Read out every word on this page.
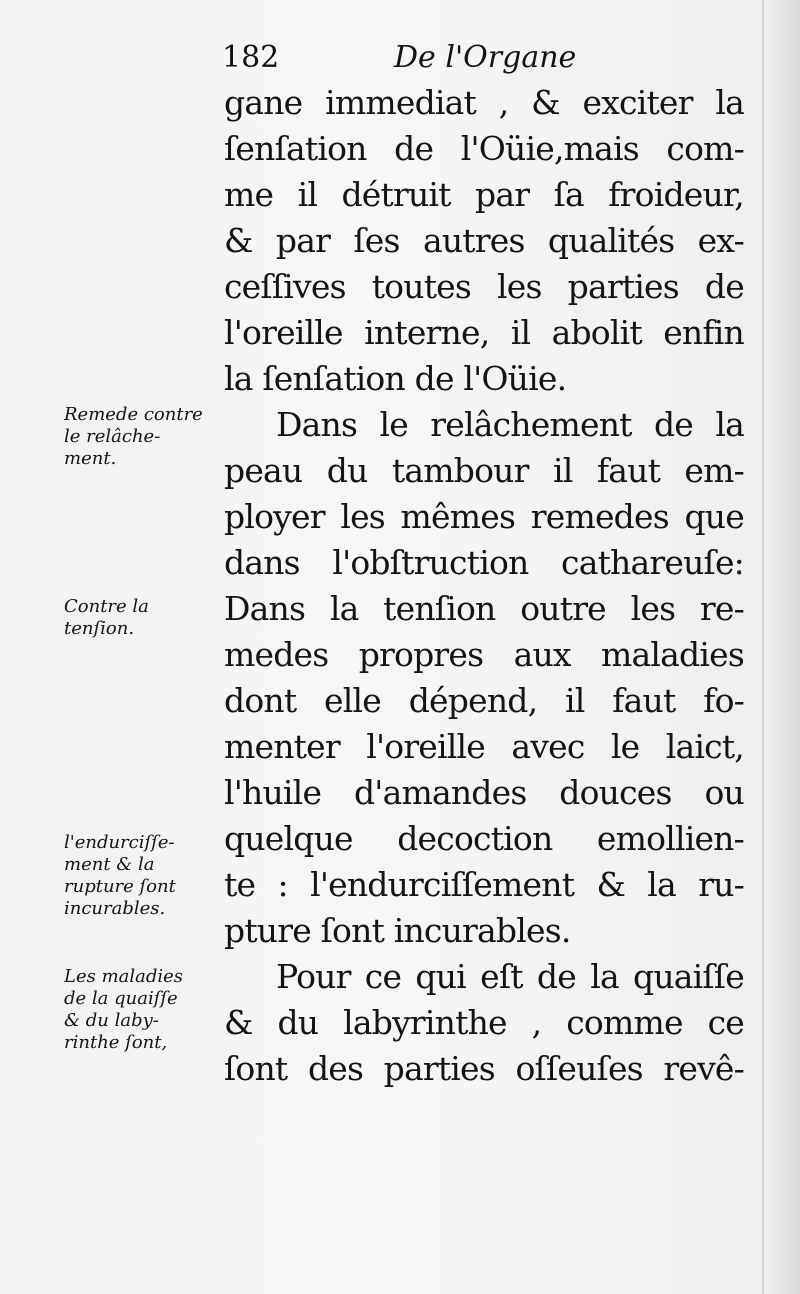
182	De l'Organe
Remede contre
le relâche-
ment.
Contre la
tenſion.
l'endurciſſe-
ment & la
rupture ſont
incurables.
Les maladies
de la quaiſſe
& du laby-
rinthe ſont,
gane immediat , & exciter la
ſenſation de l'Oüie,mais com-
me il détruit par ſa froideur,
& par ſes autres qualités ex-
ceſſives toutes les parties de
l'oreille interne, il abolit enfin
la ſenſation de l'Oüie.
Dans le relâchement de la
peau du tambour il faut em-
ployer les mêmes remedes que
dans l'obſtruction cathareuſe:
Dans la tenſion outre les re-
medes propres aux maladies
dont elle dépend, il faut fo-
menter l'oreille avec le laict,
l'huile d'amandes douces ou
quelque decoction emollien-
te : l'endurciſſement & la ru-
pture ſont incurables.
Pour ce qui eſt de la quaiſſe
& du labyrinthe , comme ce
ſont des parties oſſeuſes revê-
